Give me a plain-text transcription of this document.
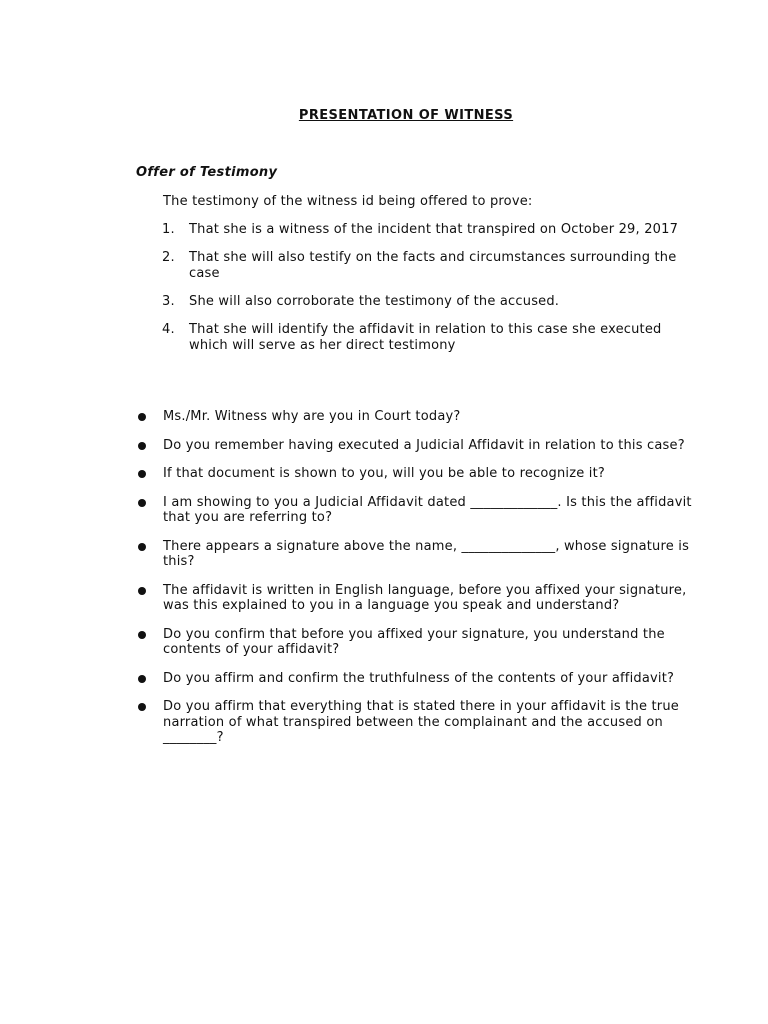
PRESENTATION OF WITNESS
Offer of Testimony
The testimony of the witness id being offered to prove:
1. That she is a witness of the incident that transpired on October 29, 2017
2. That she will also testify on the facts and circumstances surrounding the case
3. She will also corroborate the testimony of the accused.
4. That she will identify the affidavit in relation to this case she executed which will serve as her direct testimony
Ms./Mr. Witness why are you in Court today?
Do you remember having executed a Judicial Affidavit in relation to this case?
If that document is shown to you, will you be able to recognize it?
I am showing to you a Judicial Affidavit dated _____________. Is this the affidavit that you are referring to?
There appears a signature above the name, ______________, whose signature is this?
The affidavit is written in English language, before you affixed your signature, was this explained to you in a language you speak and understand?
Do you confirm that before you affixed your signature, you understand the contents of your affidavit?
Do you affirm and confirm the truthfulness of the contents of your affidavit?
Do you affirm that everything that is stated there in your affidavit is the true narration of what transpired between the complainant and the accused on ________?
